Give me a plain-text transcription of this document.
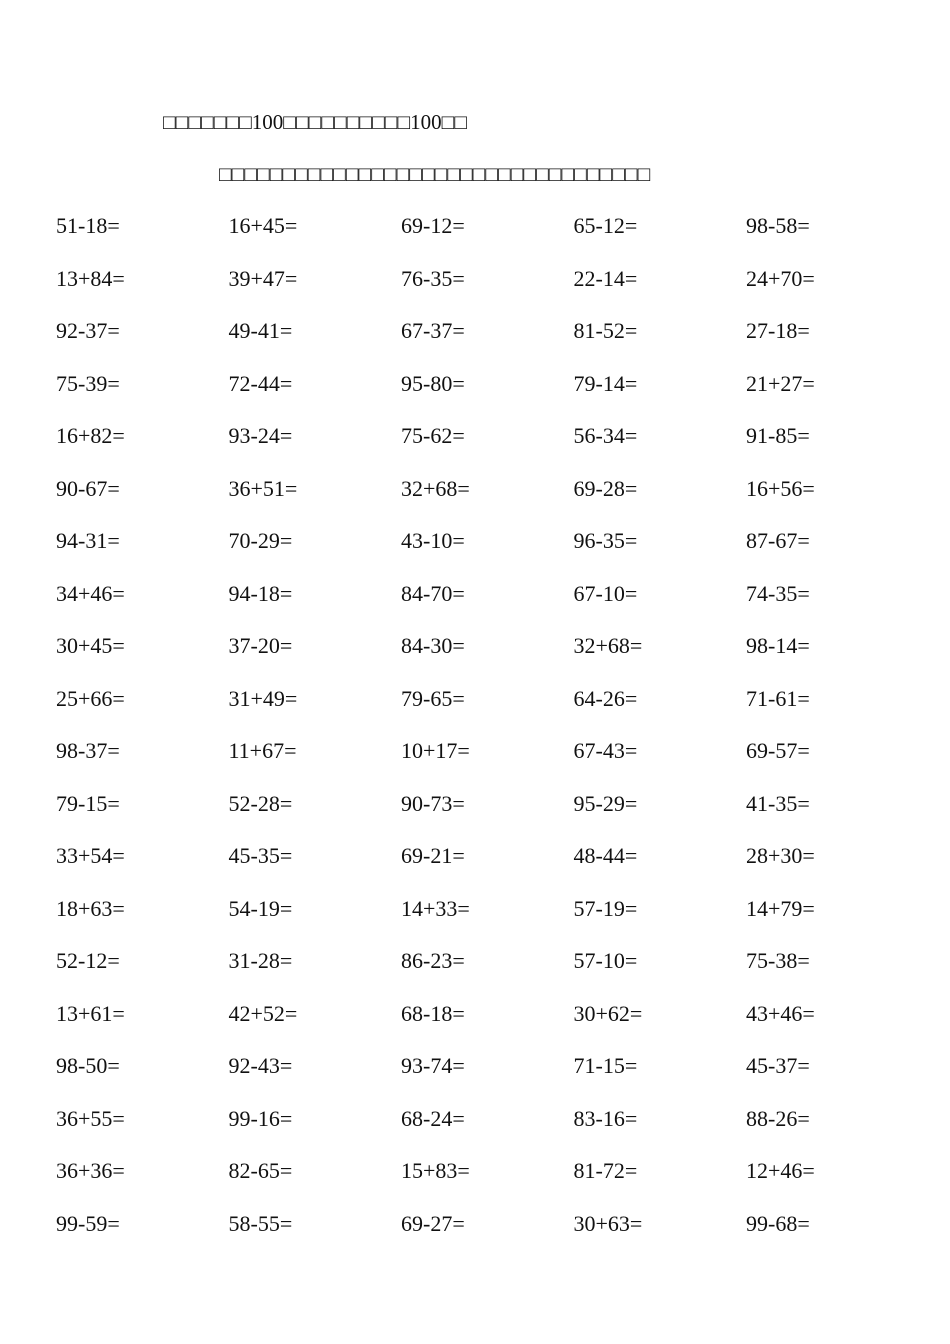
□□□□□□□100□□□□□□□□□□100□□
□□□□□□□□□□□□□□□□□□□□□□□□□□□□□□□□□□
51-18=	16+45=	69-12=	65-12=	98-58=
13+84=	39+47=	76-35=	22-14=	24+70=
92-37=	49-41=	67-37=	81-52=	27-18=
75-39=	72-44=	95-80=	79-14=	21+27=
16+82=	93-24=	75-62=	56-34=	91-85=
90-67=	36+51=	32+68=	69-28=	16+56=
94-31=	70-29=	43-10=	96-35=	87-67=
34+46=	94-18=	84-70=	67-10=	74-35=
30+45=	37-20=	84-30=	32+68=	98-14=
25+66=	31+49=	79-65=	64-26=	71-61=
98-37=	11+67=	10+17=	67-43=	69-57=
79-15=	52-28=	90-73=	95-29=	41-35=
33+54=	45-35=	69-21=	48-44=	28+30=
18+63=	54-19=	14+33=	57-19=	14+79=
52-12=	31-28=	86-23=	57-10=	75-38=
13+61=	42+52=	68-18=	30+62=	43+46=
98-50=	92-43=	93-74=	71-15=	45-37=
36+55=	99-16=	68-24=	83-16=	88-26=
36+36=	82-65=	15+83=	81-72=	12+46=
99-59=	58-55=	69-27=	30+63=	99-68=
